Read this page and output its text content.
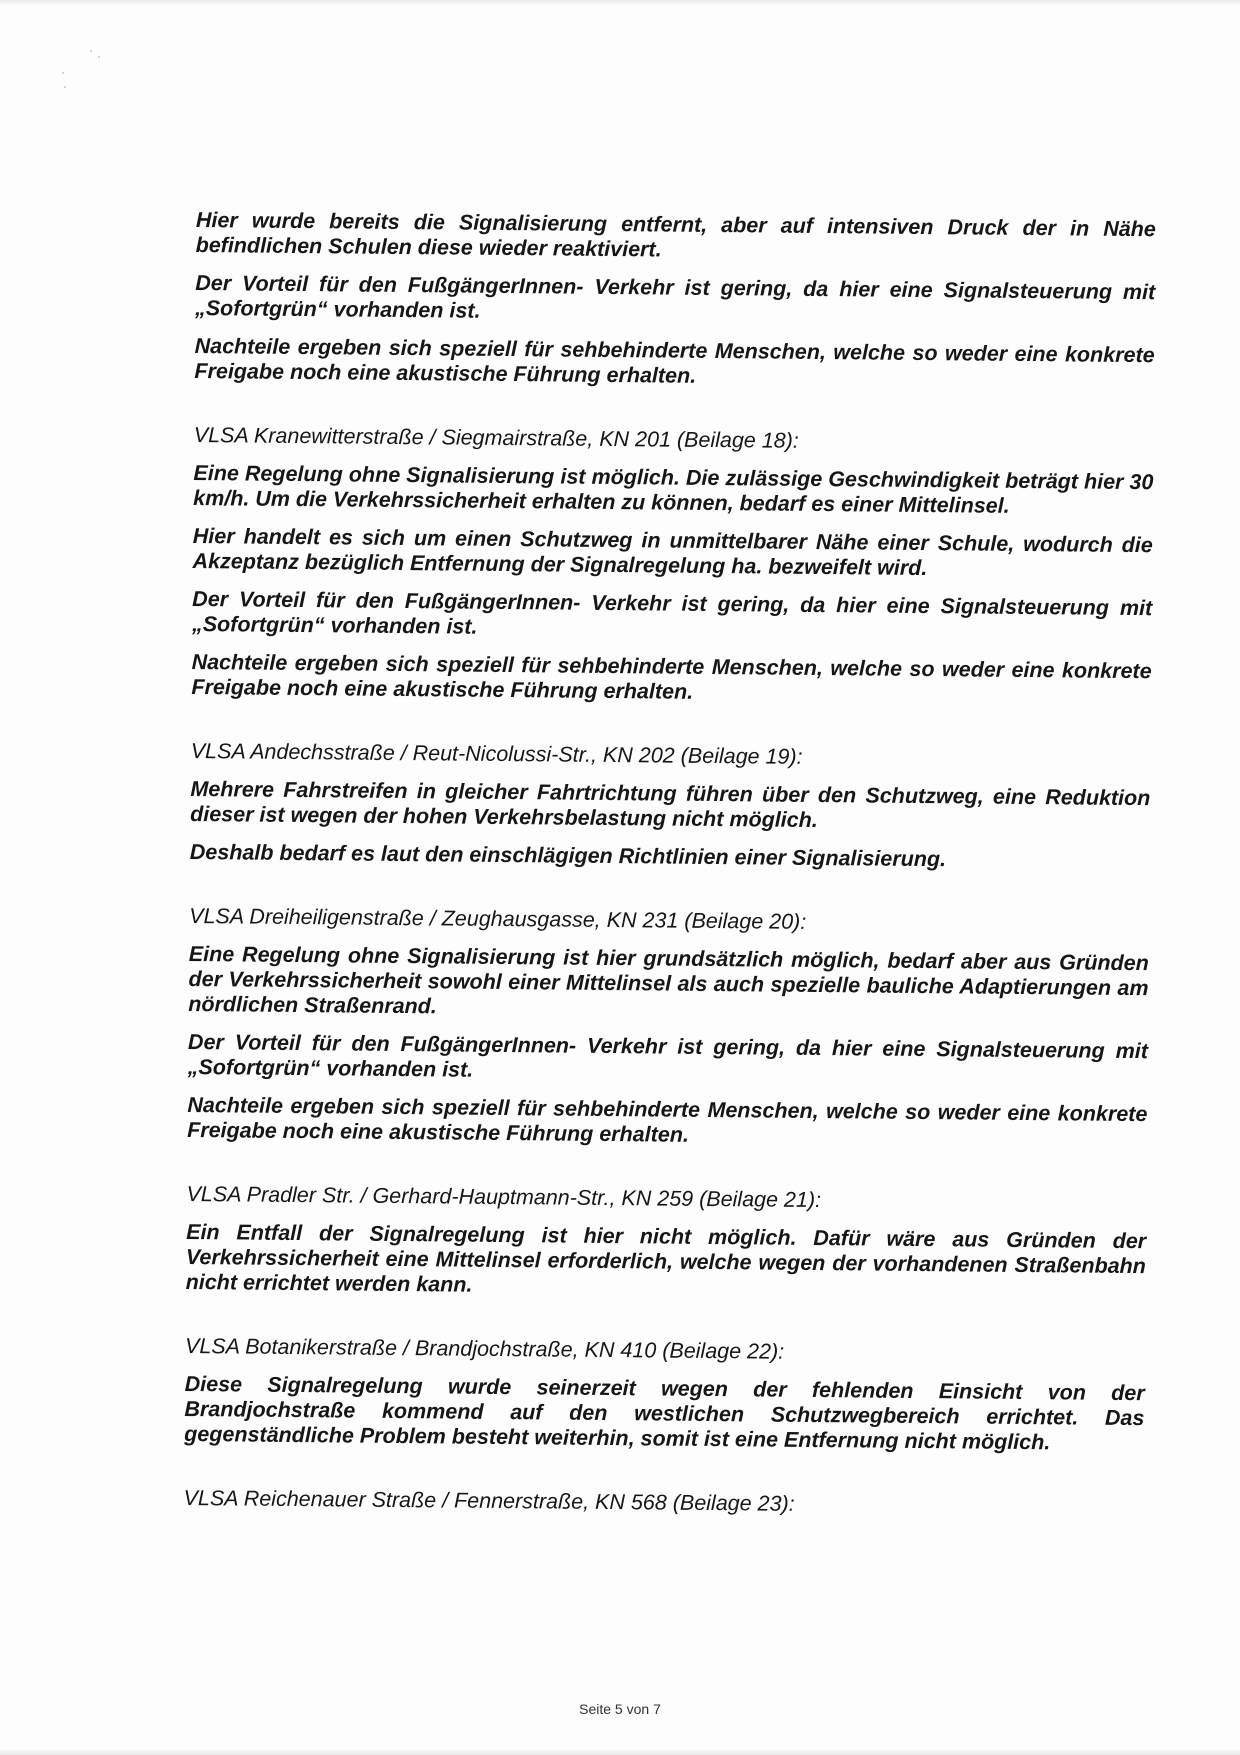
Hier wurde bereits die Signalisierung entfernt, aber auf intensiven Druck der in Nähe befindlichen Schulen diese wieder reaktiviert.

Der Vorteil für den FußgängerInnen- Verkehr ist gering, da hier eine Signalsteuerung mit „Sofortgrün“ vorhanden ist.

Nachteile ergeben sich speziell für sehbehinderte Menschen, welche so weder eine konkrete Freigabe noch eine akustische Führung erhalten.

VLSA Kranewitterstraße / Siegmairstraße, KN 201 (Beilage 18):

Eine Regelung ohne Signalisierung ist möglich. Die zulässige Geschwindigkeit beträgt hier 30 km/h. Um die Verkehrssicherheit erhalten zu können, bedarf es einer Mittelinsel.

Hier handelt es sich um einen Schutzweg in unmittelbarer Nähe einer Schule, wodurch die Akzeptanz bezüglich Entfernung der Signalregelung ha. bezweifelt wird.

Der Vorteil für den FußgängerInnen- Verkehr ist gering, da hier eine Signalsteuerung mit „Sofortgrün“ vorhanden ist.

Nachteile ergeben sich speziell für sehbehinderte Menschen, welche so weder eine konkrete Freigabe noch eine akustische Führung erhalten.

VLSA Andechsstraße / Reut-Nicolussi-Str., KN 202 (Beilage 19):

Mehrere Fahrstreifen in gleicher Fahrtrichtung führen über den Schutzweg, eine Reduktion dieser ist wegen der hohen Verkehrsbelastung nicht möglich.

Deshalb bedarf es laut den einschlägigen Richtlinien einer Signalisierung.

VLSA Dreiheiligenstraße / Zeughausgasse, KN 231 (Beilage 20):

Eine Regelung ohne Signalisierung ist hier grundsätzlich möglich, bedarf aber aus Gründen der Verkehrssicherheit sowohl einer Mittelinsel als auch spezielle bauliche Adaptierungen am nördlichen Straßenrand.

Der Vorteil für den FußgängerInnen- Verkehr ist gering, da hier eine Signalsteuerung mit „Sofortgrün“ vorhanden ist.

Nachteile ergeben sich speziell für sehbehinderte Menschen, welche so weder eine konkrete Freigabe noch eine akustische Führung erhalten.

VLSA Pradler Str. / Gerhard-Hauptmann-Str., KN 259 (Beilage 21):

Ein Entfall der Signalregelung ist hier nicht möglich. Dafür wäre aus Gründen der Verkehrssicherheit eine Mittelinsel erforderlich, welche wegen der vorhandenen Straßenbahn nicht errichtet werden kann.

VLSA Botanikerstraße / Brandjochstraße, KN 410 (Beilage 22):

Diese Signalregelung wurde seinerzeit wegen der fehlenden Einsicht von der Brandjochstraße kommend auf den westlichen Schutzwegbereich errichtet. Das gegenständliche Problem besteht weiterhin, somit ist eine Entfernung nicht möglich.

VLSA Reichenauer Straße / Fennerstraße, KN 568 (Beilage 23):

Seite 5 von 7
